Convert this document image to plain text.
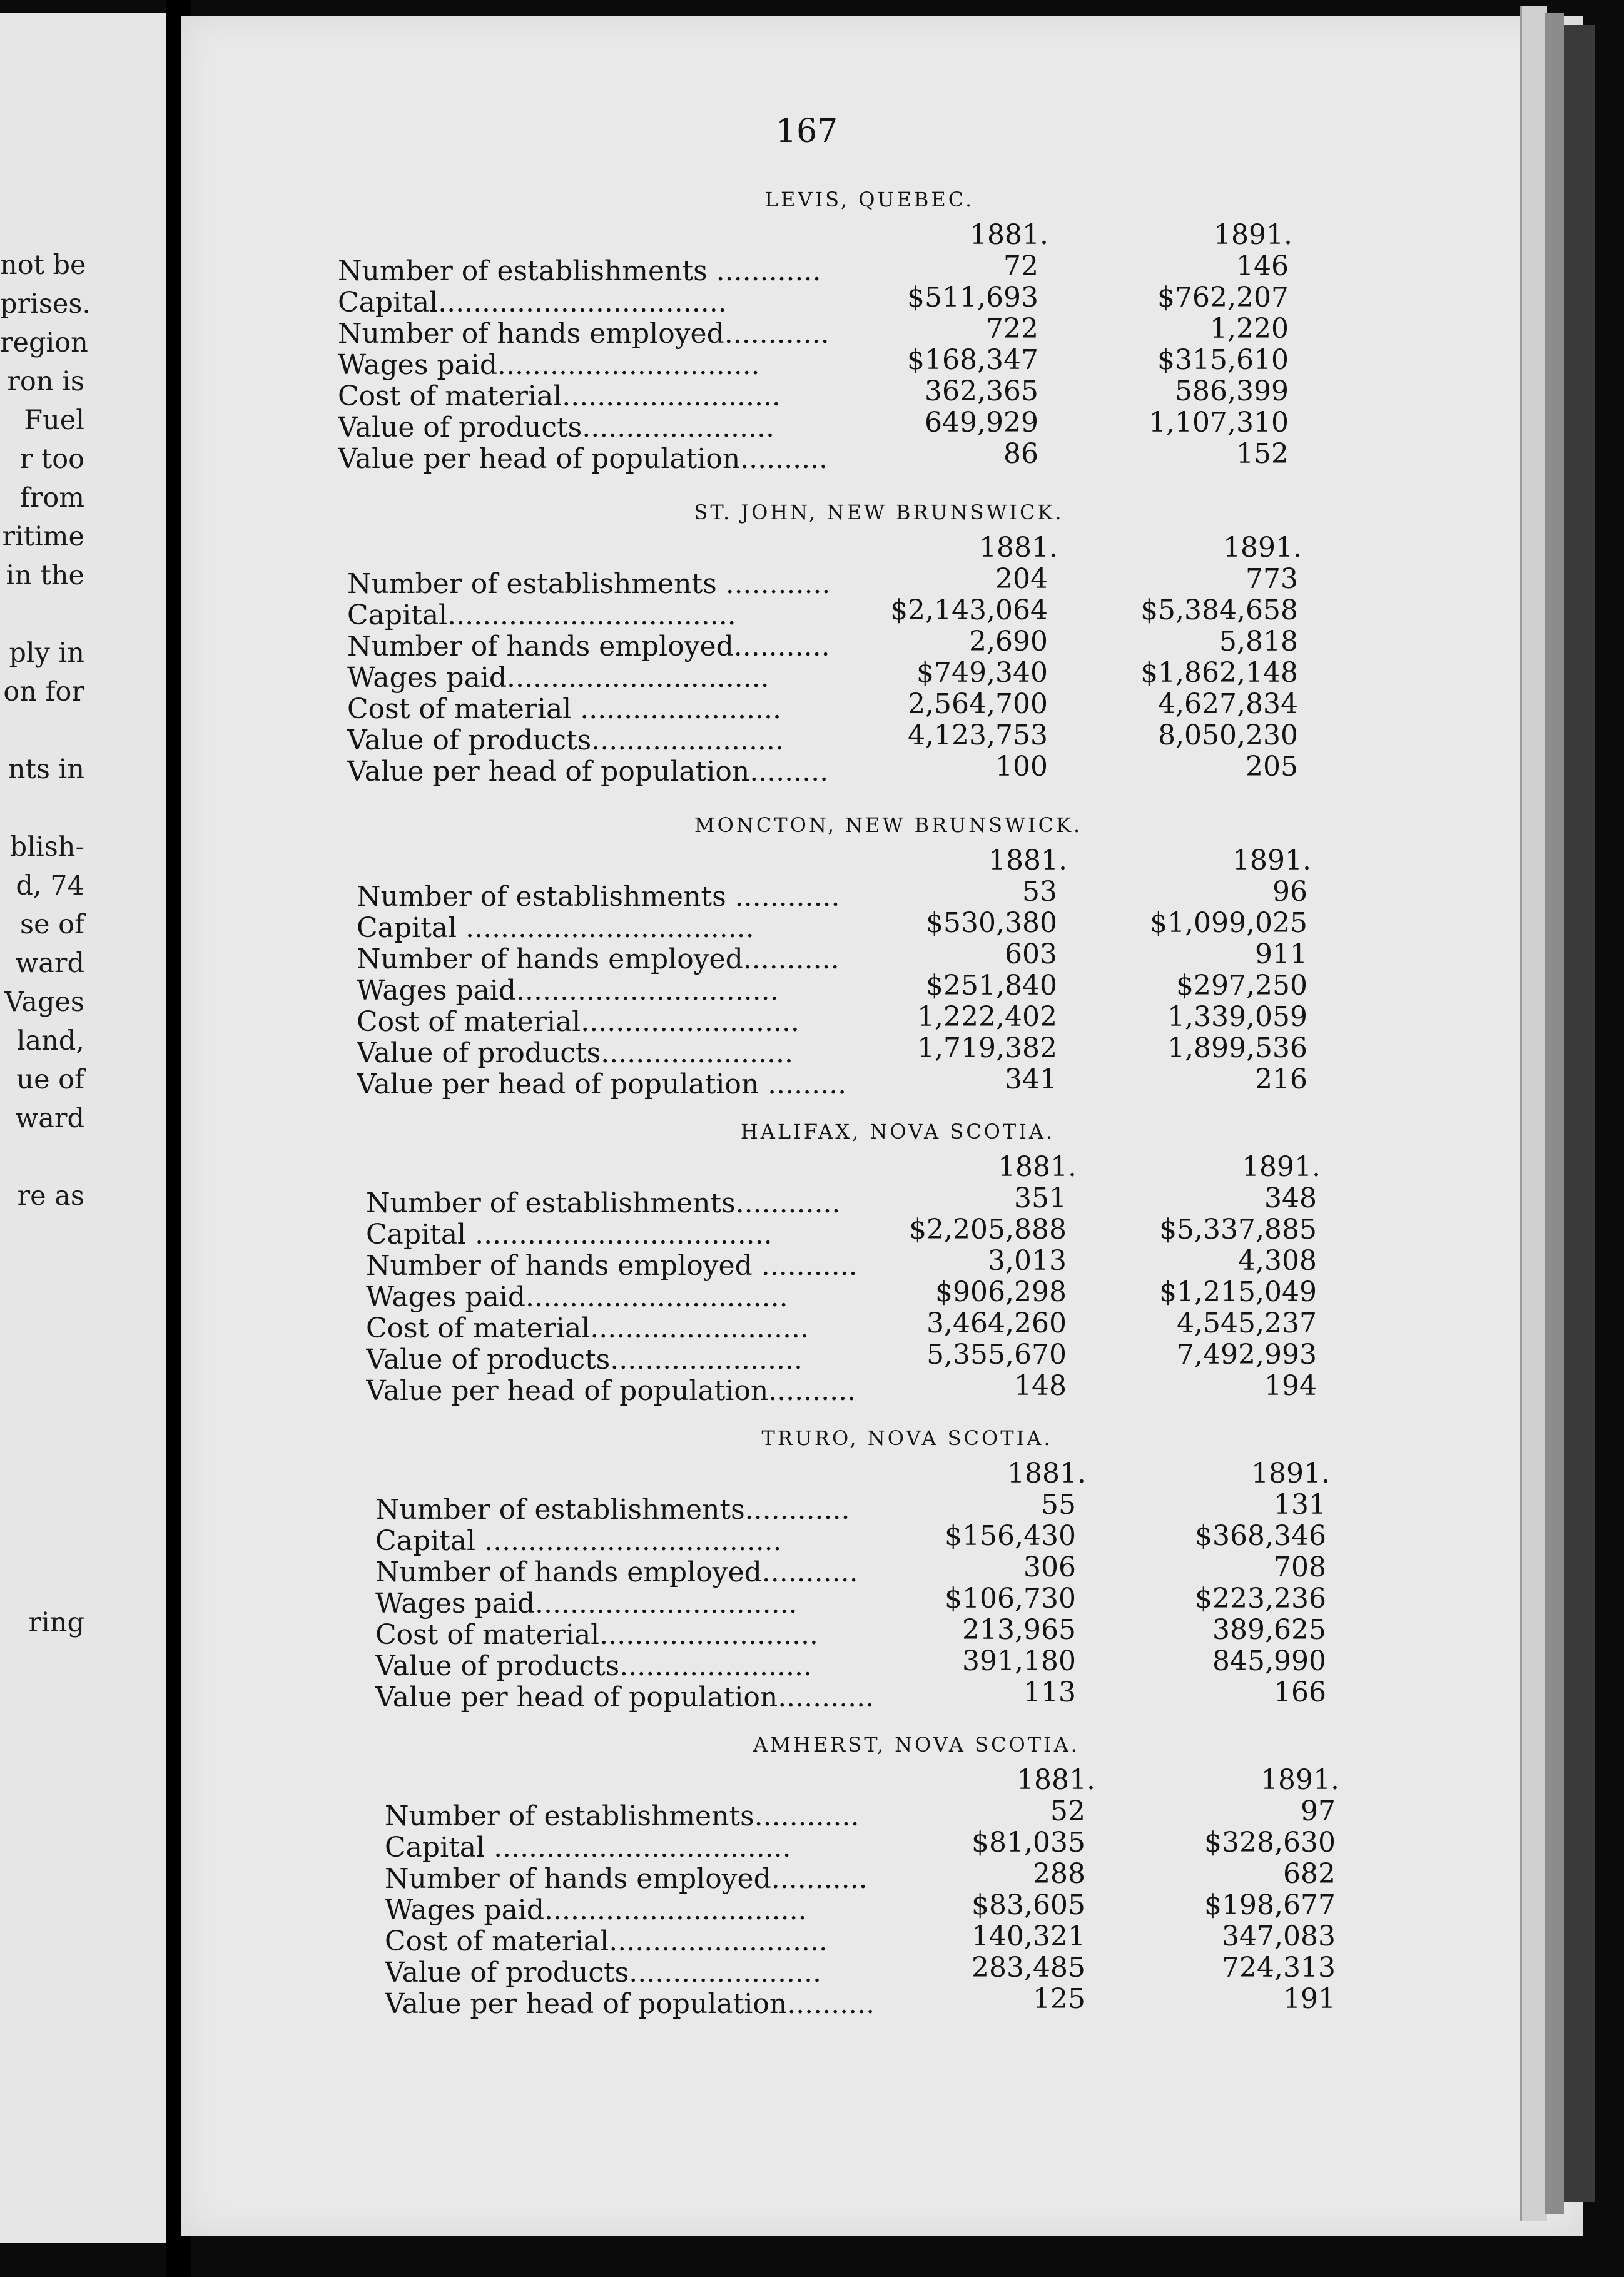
not be
prises.
region
ron is
Fuel
r too
from
ritime
in the
ply in
on for
nts in
blish-
d, 74
se of
ward
Vages
land,
ue of
ward
re as
ring
167
LEVIS, QUEBEC.
1881.	1891.
Number of establishments ............	72	146
Capital.................................	$511,693	$762,207
Number of hands employed............	722	1,220
Wages paid..............................	$168,347	$315,610
Cost of material.........................	362,365	586,399
Value of products......................	649,929	1,107,310
Value per head of population..........	86	152
ST. JOHN, NEW BRUNSWICK.
1881.	1891.
Number of establishments ............	204	773
Capital.................................	$2,143,064	$5,384,658
Number of hands employed...........	2,690	5,818
Wages paid..............................	$749,340	$1,862,148
Cost of material .......................	2,564,700	4,627,834
Value of products......................	4,123,753	8,050,230
Value per head of population.........	100	205
MONCTON, NEW BRUNSWICK.
1881.	1891.
Number of establishments ............	53	96
Capital .................................	$530,380	$1,099,025
Number of hands employed...........	603	911
Wages paid..............................	$251,840	$297,250
Cost of material.........................	1,222,402	1,339,059
Value of products......................	1,719,382	1,899,536
Value per head of population .........	341	216
HALIFAX, NOVA SCOTIA.
1881.	1891.
Number of establishments............	351	348
Capital ..................................	$2,205,888	$5,337,885
Number of hands employed ...........	3,013	4,308
Wages paid..............................	$906,298	$1,215,049
Cost of material.........................	3,464,260	4,545,237
Value of products......................	5,355,670	7,492,993
Value per head of population..........	148	194
TRURO, NOVA SCOTIA.
1881.	1891.
Number of establishments............	55	131
Capital ..................................	$156,430	$368,346
Number of hands employed...........	306	708
Wages paid..............................	$106,730	$223,236
Cost of material.........................	213,965	389,625
Value of products......................	391,180	845,990
Value per head of population...........	113	166
AMHERST, NOVA SCOTIA.
1881.	1891.
Number of establishments............	52	97
Capital ..................................	$81,035	$328,630
Number of hands employed...........	288	682
Wages paid..............................	$83,605	$198,677
Cost of material.........................	140,321	347,083
Value of products......................	283,485	724,313
Value per head of population..........	125	191
